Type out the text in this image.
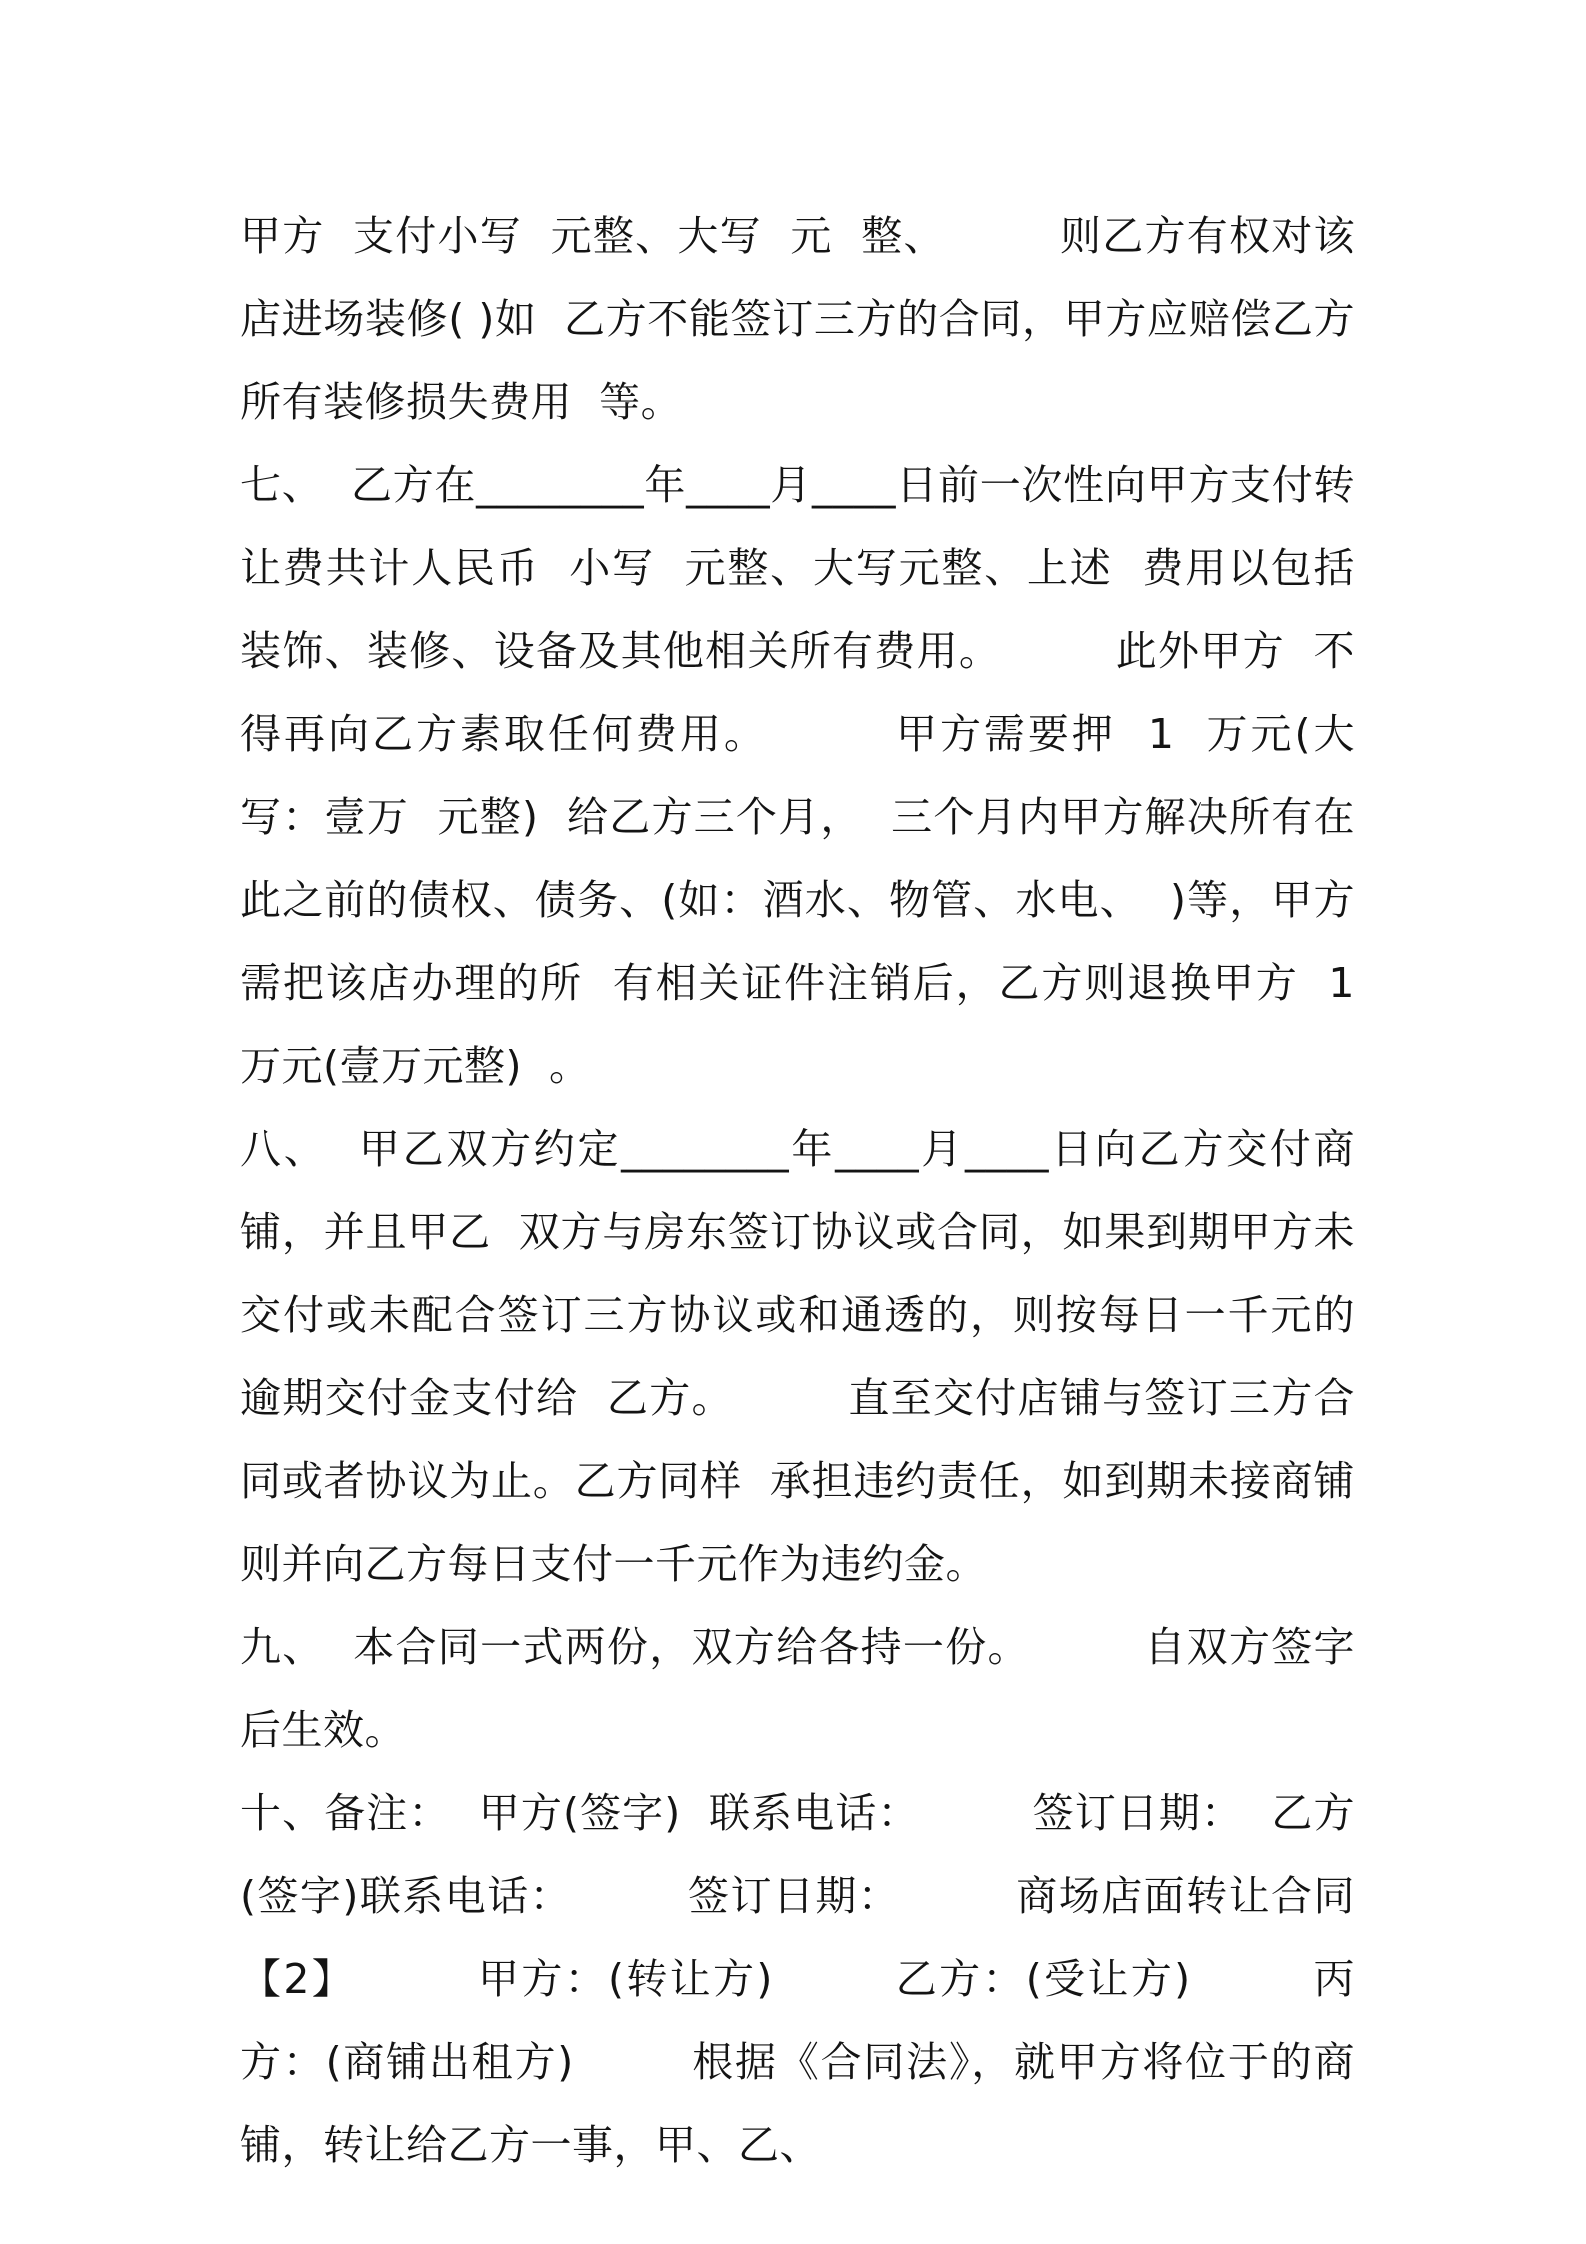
甲方  支付小写  元整、大写  元  整、        则乙方有权对该店进场装修( )如  乙方不能签订三方的合同，甲方应赔偿乙方所有装修损失费用  等。

七、  乙方在________年____月____日前一次性向甲方支付转让费共计人民币  小写  元整、大写元整、上述  费用以包括装饰、装修、设备及其他相关所有费用。        此外甲方  不得再向乙方素取任何费用。        甲方需要押  1  万元(大写：壹万  元整)  给乙方三个月，  三个月内甲方解决所有在此之前的债权、债务、(如：酒水、物管、水电、  )等，甲方需把该店办理的所  有相关证件注销后，乙方则退换甲方  1  万元(壹万元整)  。

八、  甲乙双方约定________年____月____日向乙方交付商铺，并且甲乙  双方与房东签订协议或合同，如果到期甲方未交付或未配合签订三方协议或和通透的，则按每日一千元的逾期交付金支付给  乙方。        直至交付店铺与签订三方合同或者协议为止。乙方同样  承担违约责任，如到期未接商铺则并向乙方每日支付一千元作为违约金。

九、  本合同一式两份，双方给各持一份。        自双方签字后生效。

十、备注：  甲方(签字)  联系电话：        签订日期：  乙方(签字)联系电话：        签订日期：        商场店面转让合同【2】        甲方：(转让方)        乙方：(受让方)        丙方：(商铺出租方)        根据《合同法》，就甲方将位于的商铺，转让给乙方一事，甲、乙、
